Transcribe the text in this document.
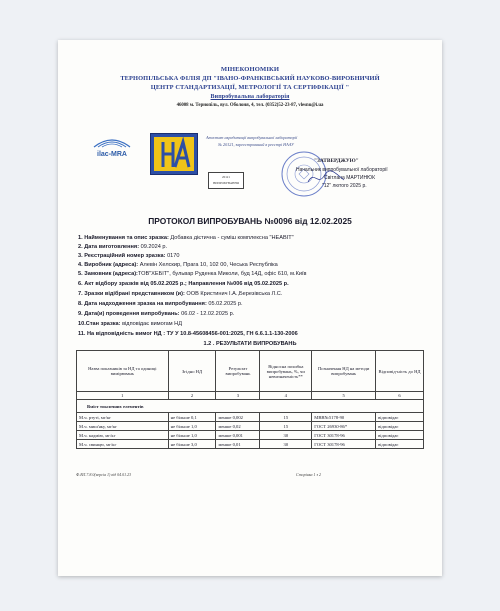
МІНЕКОНОМІКИ
ТЕРНОПІЛЬСЬКА ФІЛІЯ ДП "ІВАНО-ФРАНКІВСЬКИЙ НАУКОВО-ВИРОБНИЧИЙ
ЦЕНТР СТАНДАРТИЗАЦІЇ, МЕТРОЛОГІЇ ТА СЕРТИФІКАЦІЇ "
Випробувальна лабораторія
46008 м. Тернопіль, вул. Оболоня, 4, тел. (0352)52-23-87, vlesnu@i.ua
ilac-MRA
Атестат акредитації випробувальної лабораторії
№ 20121, зареєстрований в реєстрі НААУ
20121
ВИПРОБУВАННЯ
"ЗАТВЕРДЖУЮ"
Начальник випробувальної лабораторії
Світлана МАРТИНЮК
"12" лютого 2025 р.
ПРОТОКОЛ ВИПРОБУВАНЬ №0096 від 12.02.2025
1. Найменування та опис зразка: Добавка дієтична - суміш комплексна "НЕАВІТ"
2. Дата виготовлення: 09.2024 р.
3. Реєстраційний номер зразка: 0170
4. Виробник (адреса): Алевін Хелскир, Прага 10, 102 00, Чеська Республіка
5. Замовник (адреса):ТОВ"ХЕБІТ", бульвар Руденка Миколи, буд 14Д, офіс 610, м.Київ
6. Акт відбору зразків від 05.02.2025 р.; Направлення №006 від 05.02.2025 р.
7. Зразки відібрані представником (и): ООВ Кристинич І.А.,Березівська Л.С.
8. Дата надходження зразка на випробування: 05.02.2025 р.
9. Дата(и) проведення випробувань: 06.02 - 12.02.2025 р.
10.Стан зразка: відповідає вимогам НД
11. На відповідність вимог НД : ТУ У 10.8-45608456-001:2025, ГН 6.6.1.1-130-2006
1.2 . РЕЗУЛЬТАТИ ВИПРОБУВАНЬ
Назва показників за НД та одиниці вимірювань	Згідно НД	Результат випробувань	Відносна похибка випробувань, %, чи невизначеність**	Позначення НД на методи випробувань	Відповід-ність до НД
1	2	3	4	5	6
Вміст токсичних елементів					
М.ч. ртуті, мг/кг	не більше 0,1	менше 0,002	15	МВВ№5178-90	відповідає
М.ч. миш'яку, мг/кг	не більше 1,0	менше 0,02	15	ГОСТ 26930-86*	відповідає
М.ч. кадмію, мг/кг	не більше 1,0	менше 0,001	30	ГОСТ 30178-96	відповідає
М.ч. свинцю, мг/кг	не більше 3,0	менше 0,01	30	ГОСТ 30178-96	відповідає
Ф.ВЛ.7.8.0(версія 1) від 04.01.23	Сторінка 1 з 2
